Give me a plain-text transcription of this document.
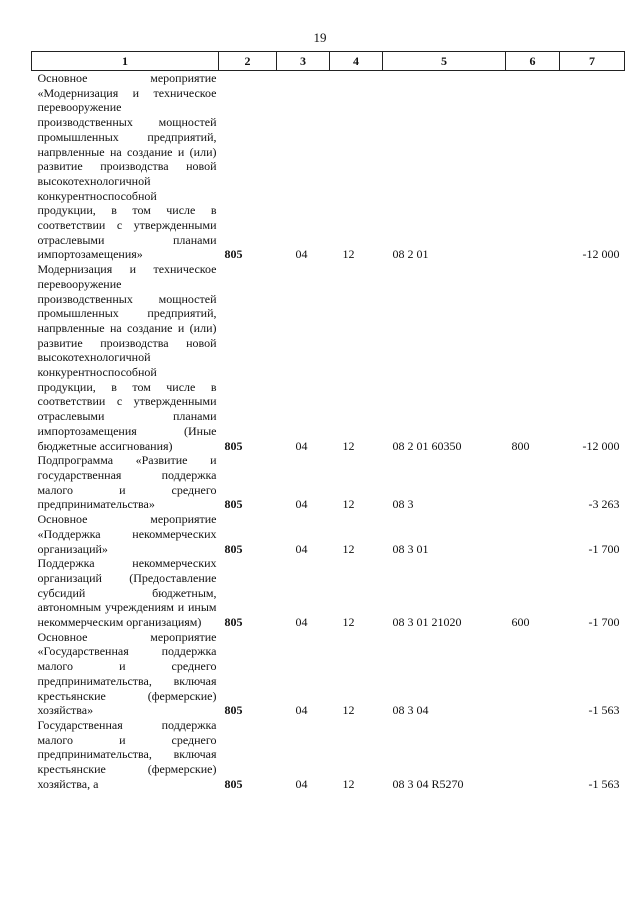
19
1	2	3	4	5	6	7
Основное мероприятие «Модернизация и техническое перевооружение производственных мощностей промышленных предприятий, напрвленные на создание и (или) развитие производства новой высокотехнологичной конкурентноспособной продукции, в том числе в соответствии с утвержденными отраслевыми планами импортозамещения»	805	04	12	08 2 01		-12 000
Модернизация и техническое перевооружение производственных мощностей промышленных предприятий, напрвленные на создание и (или) развитие производства новой высокотехнологичной конкурентноспособной продукции, в том числе в соответствии с утвержденными отраслевыми планами импортозамещения (Иные бюджетные ассигнования)	805	04	12	08 2 01 60350	800	-12 000
Подпрограмма «Развитие и государственная поддержка малого и среднего предпринимательства»	805	04	12	08 3		-3 263
Основное мероприятие «Поддержка некоммерческих организаций»	805	04	12	08 3 01		-1 700
Поддержка некоммерческих организаций (Предоставление субсидий бюджетным, автономным учреждениям и иным некоммерческим организациям)	805	04	12	08 3 01 21020	600	-1 700
Основное мероприятие «Государственная поддержка малого и среднего предпринимательства, включая крестьянские (фермерские) хозяйства»	805	04	12	08 3 04		-1 563
Государственная поддержка малого и среднего предпринимательства, включая крестьянские (фермерские) хозяйства, а	805	04	12	08 3 04 R5270		-1 563
